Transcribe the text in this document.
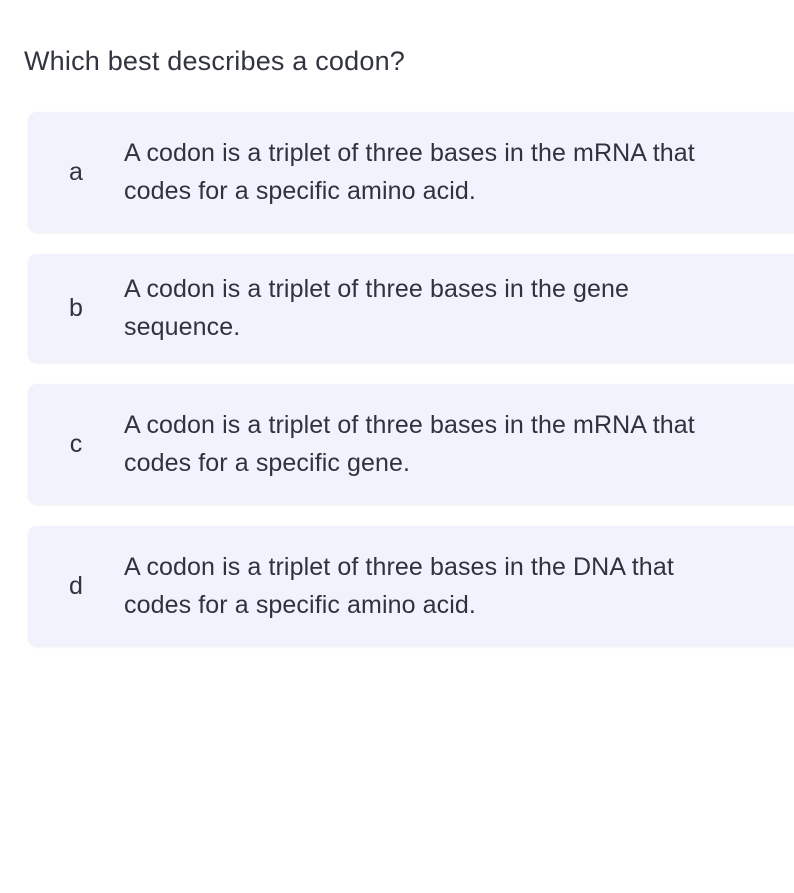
Which best describes a codon?
a
A codon is a triplet of three bases in the mRNA that codes for a specific amino acid.
b
A codon is a triplet of three bases in the gene sequence.
c
A codon is a triplet of three bases in the mRNA that codes for a specific gene.
d
A codon is a triplet of three bases in the DNA that codes for a specific amino acid.
